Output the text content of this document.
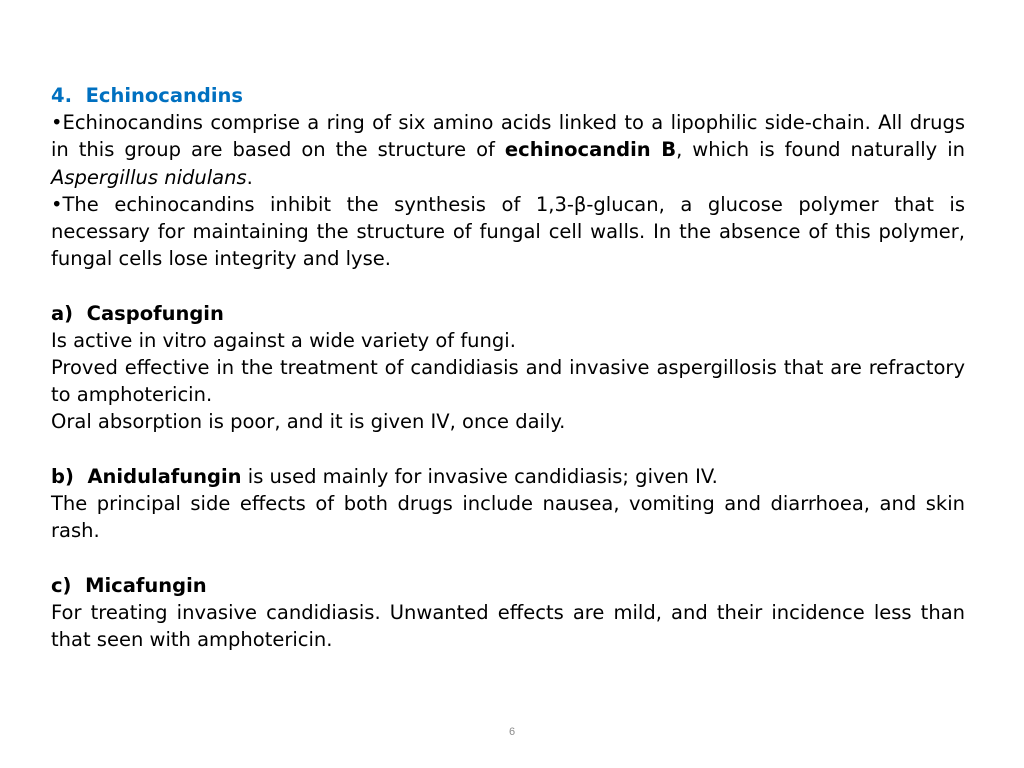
4. Echinocandins

•Echinocandins comprise a ring of six amino acids linked to a lipophilic side-chain. All drugs in this group are based on the structure of echinocandin B, which is found naturally in Aspergillus nidulans.

•The echinocandins inhibit the synthesis of 1,3-β-glucan, a glucose polymer that is necessary for maintaining the structure of fungal cell walls. In the absence of this polymer, fungal cells lose integrity and lyse.

a) Caspofungin

Is active in vitro against a wide variety of fungi.

Proved effective in the treatment of candidiasis and invasive aspergillosis that are refractory to amphotericin.

Oral absorption is poor, and it is given IV, once daily.

b) Anidulafungin is used mainly for invasive candidiasis; given IV.

The principal side effects of both drugs include nausea, vomiting and diarrhoea, and skin rash.

c) Micafungin

For treating invasive candidiasis. Unwanted effects are mild, and their incidence less than that seen with amphotericin.

6
